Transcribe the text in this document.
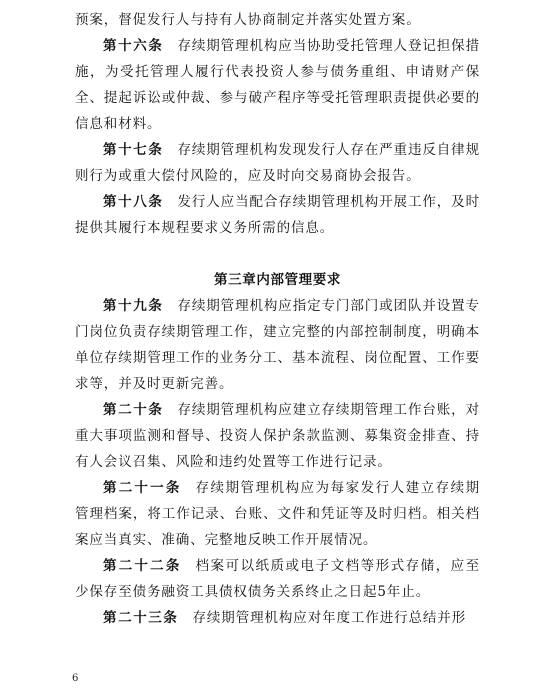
预案，督促发行人与持有人协商制定并落实处置方案。

第十六条 存续期管理机构应当协助受托管理人登记担保措施，为受托管理人履行代表投资人参与债务重组、申请财产保全、提起诉讼或仲裁、参与破产程序等受托管理职责提供必要的信息和材料。

第十七条 存续期管理机构发现发行人存在严重违反自律规则行为或重大偿付风险的，应及时向交易商协会报告。

第十八条 发行人应当配合存续期管理机构开展工作，及时提供其履行本规程要求义务所需的信息。

第三章内部管理要求

第十九条 存续期管理机构应指定专门部门或团队并设置专门岗位负责存续期管理工作，建立完整的内部控制制度，明确本单位存续期管理工作的业务分工、基本流程、岗位配置、工作要求等，并及时更新完善。

第二十条 存续期管理机构应建立存续期管理工作台账，对重大事项监测和督导、投资人保护条款监测、募集资金排查、持有人会议召集、风险和违约处置等工作进行记录。

第二十一条 存续期管理机构应为每家发行人建立存续期管理档案，将工作记录、台账、文件和凭证等及时归档。相关档案应当真实、准确、完整地反映工作开展情况。

第二十二条 档案可以纸质或电子文档等形式存储，应至少保存至债务融资工具债权债务关系终止之日起5年止。

第二十三条 存续期管理机构应对年度工作进行总结并形

6
